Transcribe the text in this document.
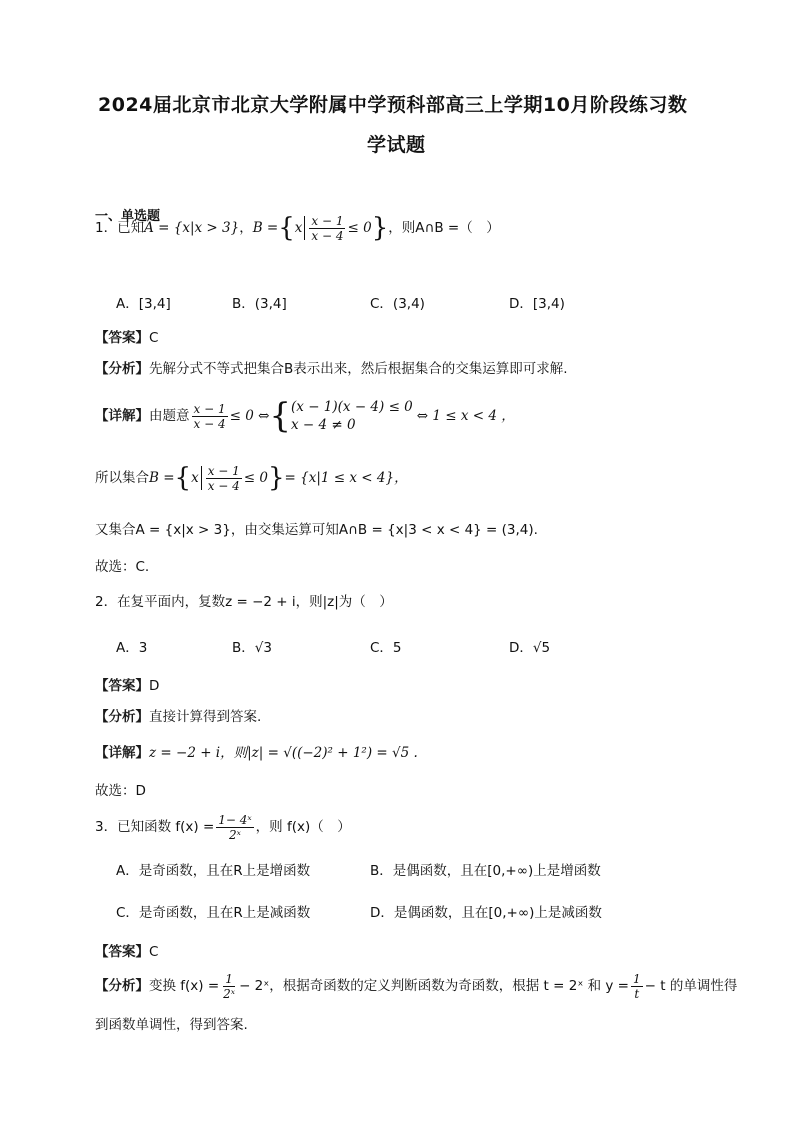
2024届北京市北京大学附属中学预科部高三上学期10月阶段练习数
学试题
一、单选题
1．已知 A = {x|x > 3} ， B = { x $\frac{x - 1}{x - 4} \le 0$ } ，则A∩B =（　）
A．[3,4]	B．(3,4]	C．(3,4)	D．[3,4)
【答案】C
【分析】先解分式不等式把集合B表示出来，然后根据集合的交集运算即可求解.
【详解】 由题意 $\frac{x - 1}{x - 4} \le 0$ ⇔ { (x − 1)(x − 4) ≤ 0
x − 4 ≠ 0
⇔ 1 ≤ x < 4 ，
所以集合 B = { x $\frac{x - 1}{x - 4} \le 0$ } = {x|1 ≤ x < 4}，
又集合A = {x|x > 3}，由交集运算可知A∩B = {x|3 < x < 4} = (3,4).
故选：C.
2．在复平面内，复数z = −2 + i，则|z|为（　）
A．3	B．√3	C．5	D．√5
【答案】D
【分析】直接计算得到答案.
【详解】z = −2 + i，则|z| = √((−2)² + 1²) = √5 .
故选：D
3．已知函数 $f(x) = \frac{\text{1− 4ˣ}}{\text{2ˣ}}$ ，则 f(x)（　）
A．是奇函数，且在R上是增函数	B．是偶函数，且在[0,+∞)上是增函数
C．是奇函数，且在R上是减函数	D．是偶函数，且在[0,+∞)上是减函数
【答案】C
【分析】 变换 $f(x) = \frac{1}{\text{2ˣ}}$ − 2ˣ，根据奇函数的定义判断函数为奇函数，根据 t = 2ˣ 和 $y = \frac{1}{t} - t$ 的单调性得
到函数单调性，得到答案.
